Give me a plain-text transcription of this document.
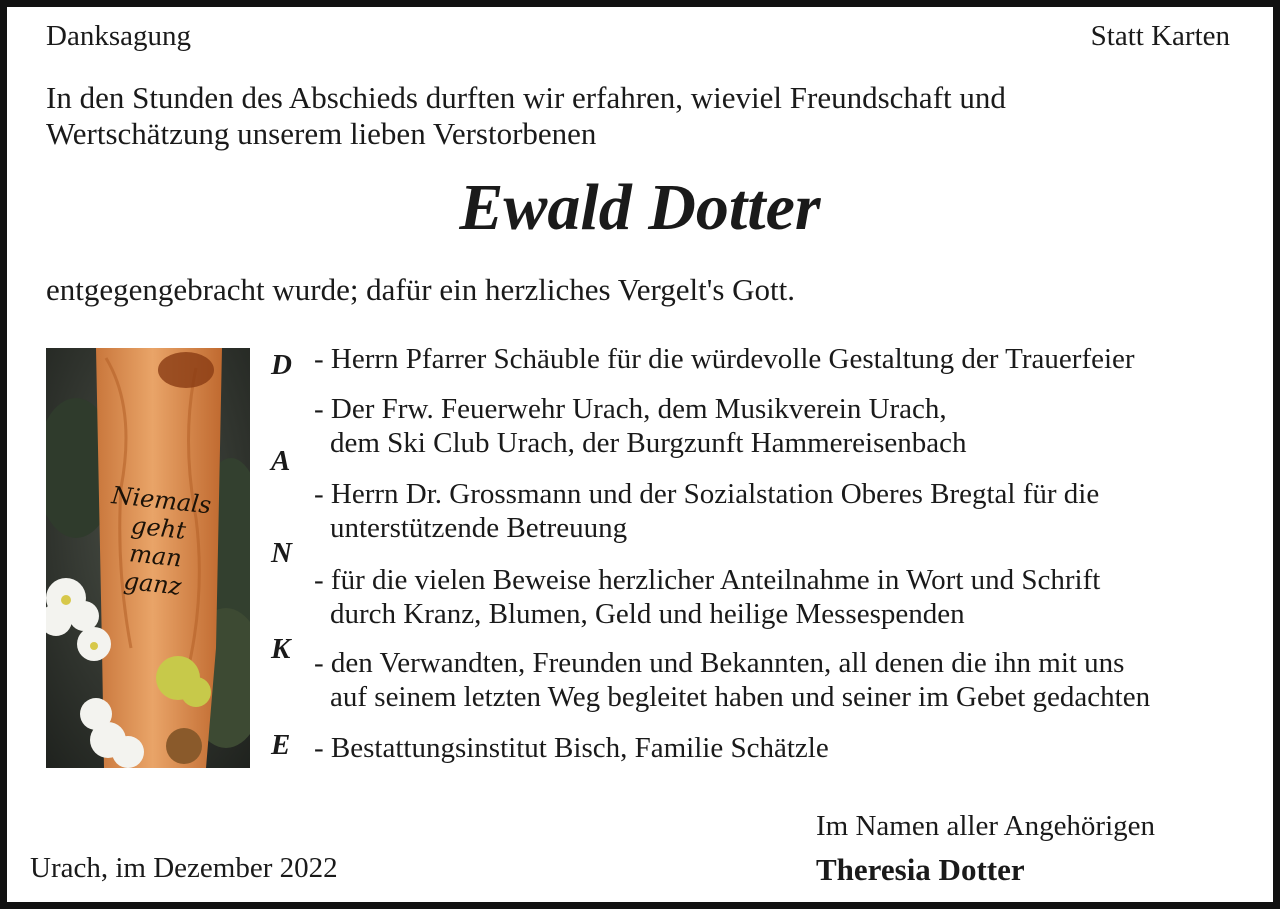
Danksagung	Statt Karten
In den Stunden des Abschieds durften wir erfahren, wieviel Freundschaft und
Wertschätzung unserem lieben Verstorbenen
Ewald Dotter
entgegengebracht wurde; dafür ein herzliches Vergelt's Gott.
Niemals
geht
man
ganz
D
A
N
K
E
- Herrn Pfarrer Schäuble für die würdevolle Gestaltung der Trauerfeier
- Der Frw. Feuerwehr Urach, dem Musikverein Urach,
dem Ski Club Urach, der Burgzunft Hammereisenbach
- Herrn Dr. Grossmann und der Sozialstation Oberes Bregtal für die
unterstützende Betreuung
- für die vielen Beweise herzlicher Anteilnahme in Wort und Schrift
durch Kranz, Blumen, Geld und heilige Messespenden
- den Verwandten, Freunden und Bekannten, all denen die ihn mit uns
auf seinem letzten Weg begleitet haben und seiner im Gebet gedachten
- Bestattungsinstitut Bisch, Familie Schätzle
Im Namen aller Angehörigen
Theresia Dotter
Urach, im Dezember 2022
